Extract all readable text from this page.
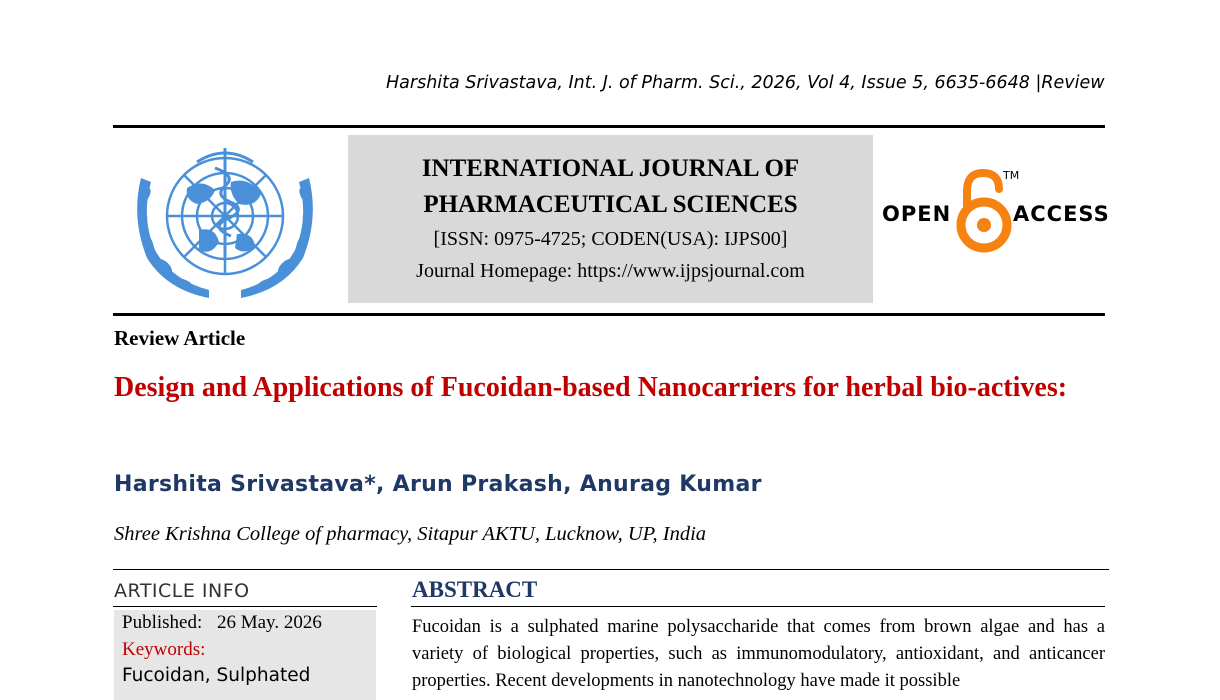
Harshita Srivastava, Int. J. of Pharm. Sci., 2026, Vol 4, Issue 5, 6635-6648 |Review
INTERNATIONAL JOURNAL OF
PHARMACEUTICAL SCIENCES
[ISSN: 0975-4725; CODEN(USA): IJPS00]
Journal Homepage: https://www.ijpsjournal.com
OPEN
TM
ACCESS
Review Article
Design and Applications of Fucoidan-based Nanocarriers for herbal bio-actives:
Harshita Srivastava*, Arun Prakash, Anurag Kumar
Shree Krishna College of pharmacy, Sitapur AKTU, Lucknow, UP, India
ARTICLE INFO
Published: 26 May. 2026
Keywords:
Fucoidan, Sulphated
ABSTRACT
Fucoidan is a sulphated marine polysaccharide that comes from brown algae and has a variety of biological properties, such as immunomodulatory, antioxidant, and anticancer properties. Recent developments in nanotechnology have made it possible
